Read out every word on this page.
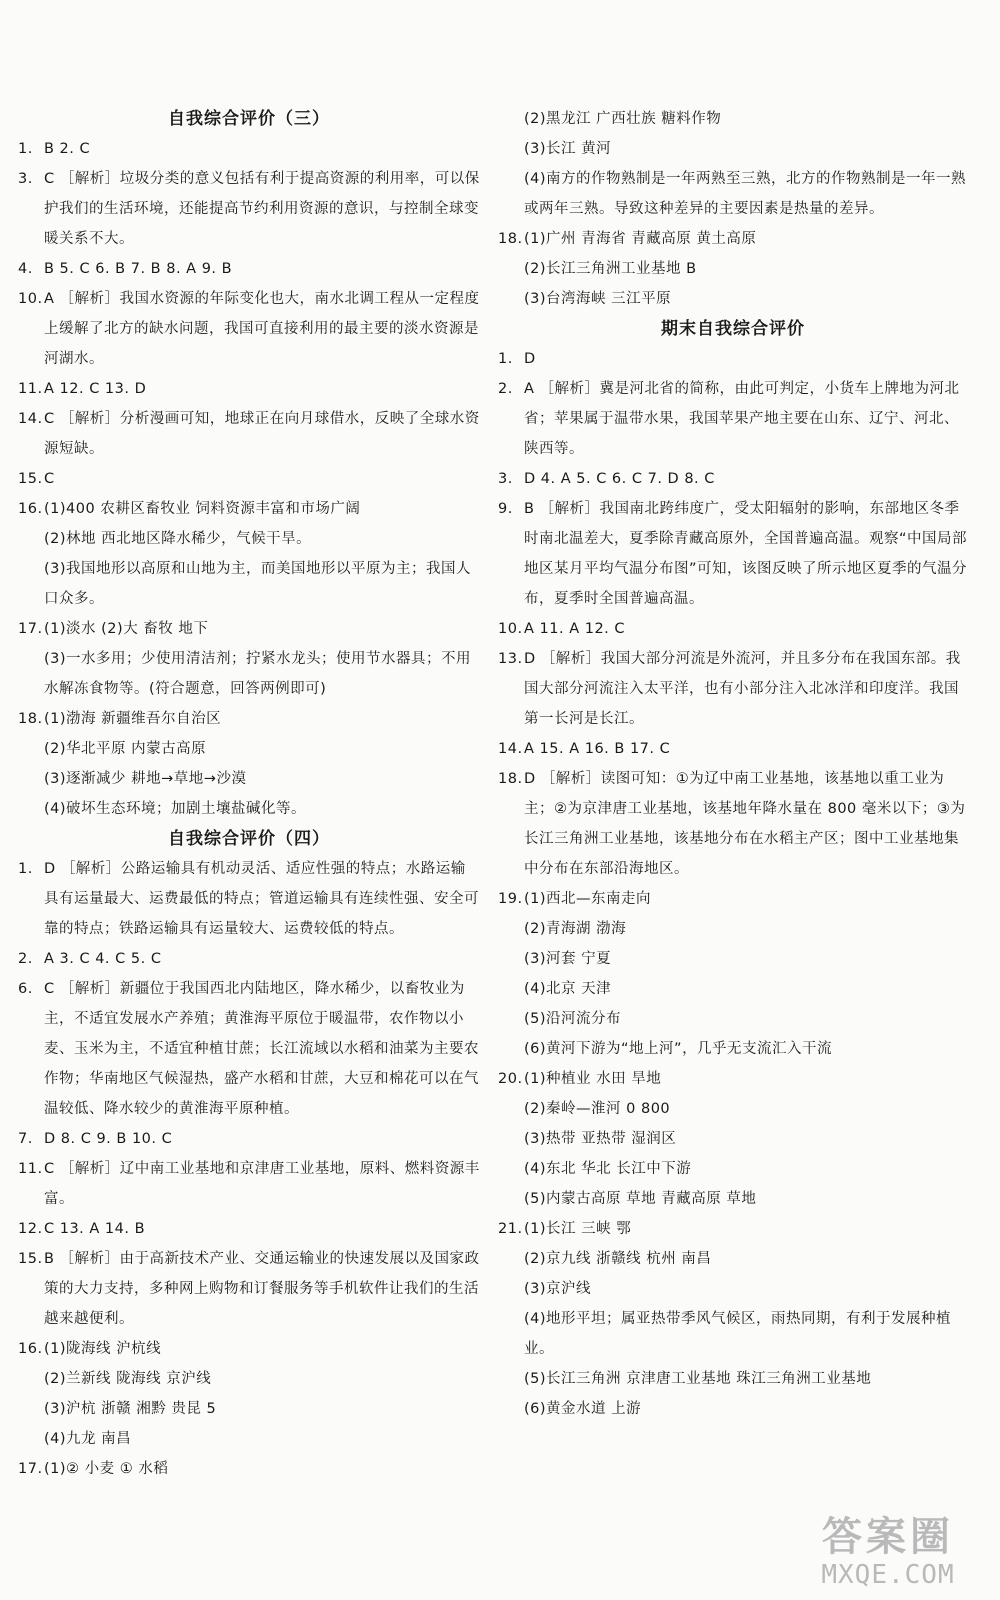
自我综合评价（三）
1. B 2. C
3. C ［解析］垃圾分类的意义包括有利于提高资源的利用率，可以保护我们的生活环境，还能提高节约利用资源的意识，与控制全球变暖关系不大。
4. B 5. C 6. B 7. B 8. A 9. B
10. A ［解析］我国水资源的年际变化也大，南水北调工程从一定程度上缓解了北方的缺水问题，我国可直接利用的最主要的淡水资源是河湖水。
11. A 12. C 13. D
14. C ［解析］分析漫画可知，地球正在向月球借水，反映了全球水资源短缺。
15. C
16. (1)400 农耕区畜牧业 饲料资源丰富和市场广阔
(2)林地 西北地区降水稀少，气候干旱。
(3)我国地形以高原和山地为主，而美国地形以平原为主；我国人口众多。
17. (1)淡水 (2)大 畜牧 地下
(3)一水多用；少使用清洁剂；拧紧水龙头；使用节水器具；不用水解冻食物等。(符合题意，回答两例即可)
18. (1)渤海 新疆维吾尔自治区
(2)华北平原 内蒙古高原
(3)逐渐减少 耕地→草地→沙漠
(4)破坏生态环境；加剧土壤盐碱化等。
自我综合评价（四）
1. D ［解析］公路运输具有机动灵活、适应性强的特点；水路运输具有运量最大、运费最低的特点；管道运输具有连续性强、安全可靠的特点；铁路运输具有运量较大、运费较低的特点。
2. A 3. C 4. C 5. C
6. C ［解析］新疆位于我国西北内陆地区，降水稀少，以畜牧业为主，不适宜发展水产养殖；黄淮海平原位于暖温带，农作物以小麦、玉米为主，不适宜种植甘蔗；长江流域以水稻和油菜为主要农作物；华南地区气候湿热，盛产水稻和甘蔗，大豆和棉花可以在气温较低、降水较少的黄淮海平原种植。
7. D 8. C 9. B 10. C
11. C ［解析］辽中南工业基地和京津唐工业基地，原料、燃料资源丰富。
12. C 13. A 14. B
15. B ［解析］由于高新技术产业、交通运输业的快速发展以及国家政策的大力支持，多种网上购物和订餐服务等手机软件让我们的生活越来越便利。
16. (1)陇海线 沪杭线
(2)兰新线 陇海线 京沪线
(3)沪杭 浙赣 湘黔 贵昆 5
(4)九龙 南昌
17. (1)② 小麦 ① 水稻
(2)黑龙江 广西壮族 糖料作物
(3)长江 黄河
(4)南方的作物熟制是一年两熟至三熟，北方的作物熟制是一年一熟或两年三熟。导致这种差异的主要因素是热量的差异。
18. (1)广州 青海省 青藏高原 黄土高原
(2)长江三角洲工业基地 B
(3)台湾海峡 三江平原
期末自我综合评价
1. D
2. A ［解析］冀是河北省的简称，由此可判定，小货车上牌地为河北省；苹果属于温带水果，我国苹果产地主要在山东、辽宁、河北、陕西等。
3. D 4. A 5. C 6. C 7. D 8. C
9. B ［解析］我国南北跨纬度广，受太阳辐射的影响，东部地区冬季时南北温差大，夏季除青藏高原外，全国普遍高温。观察“中国局部地区某月平均气温分布图”可知，该图反映了所示地区夏季的气温分布，夏季时全国普遍高温。
10. A 11. A 12. C
13. D ［解析］我国大部分河流是外流河，并且多分布在我国东部。我国大部分河流注入太平洋，也有小部分注入北冰洋和印度洋。我国第一长河是长江。
14. A 15. A 16. B 17. C
18. D ［解析］读图可知：①为辽中南工业基地，该基地以重工业为主；②为京津唐工业基地，该基地年降水量在 800 毫米以下；③为长江三角洲工业基地，该基地分布在水稻主产区；图中工业基地集中分布在东部沿海地区。
19. (1)西北—东南走向
(2)青海湖 渤海
(3)河套 宁夏
(4)北京 天津
(5)沿河流分布
(6)黄河下游为“地上河”，几乎无支流汇入干流
20. (1)种植业 水田 旱地
(2)秦岭—淮河 0 800
(3)热带 亚热带 湿润区
(4)东北 华北 长江中下游
(5)内蒙古高原 草地 青藏高原 草地
21. (1)长江 三峡 鄂
(2)京九线 浙赣线 杭州 南昌
(3)京沪线
(4)地形平坦；属亚热带季风气候区，雨热同期，有利于发展种植业。
(5)长江三角洲 京津唐工业基地 珠江三角洲工业基地
(6)黄金水道 上游
答案圈
MXQE.COM
